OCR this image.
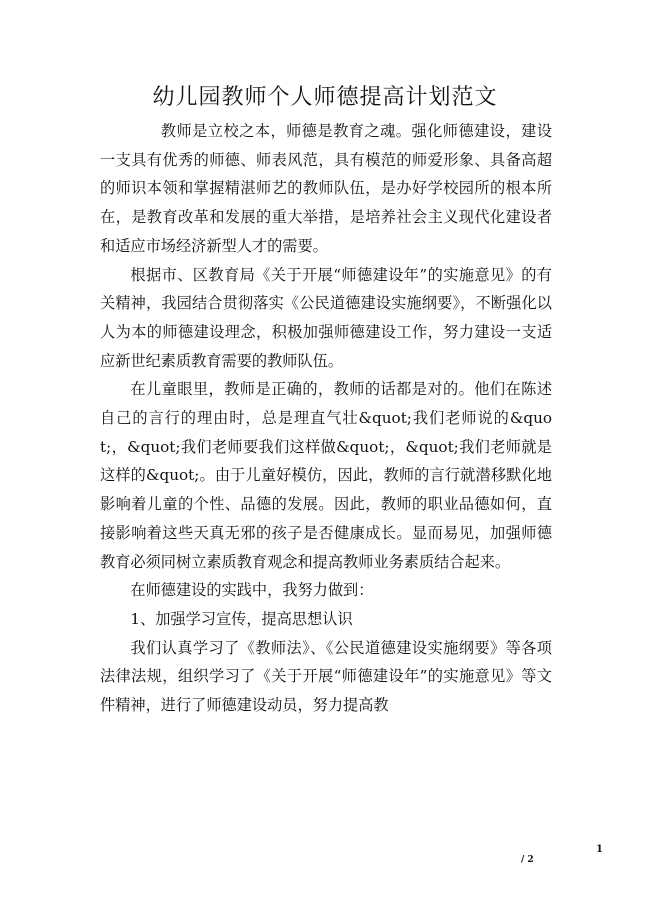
幼儿园教师个人师德提高计划范文

教师是立校之本，师德是教育之魂。强化师德建设，建设一支具有优秀的师德、师表风范，具有模范的师爱形象、具备高超的师识本领和掌握精湛师艺的教师队伍，是办好学校园所的根本所在，是教育改革和发展的重大举措，是培养社会主义现代化建设者和适应市场经济新型人才的需要。

根据市、区教育局《关于开展“师德建设年”的实施意见》的有关精神，我园结合贯彻落实《公民道德建设实施纲要》，不断强化以人为本的师德建设理念，积极加强师德建设工作，努力建设一支适应新世纪素质教育需要的教师队伍。

在儿童眼里，教师是正确的，教师的话都是对的。他们在陈述自己的言行的理由时，总是理直气壮&quot;我们老师说的&quot;，&quot;我们老师要我们这样做&quot;，&quot;我们老师就是这样的&quot;。由于儿童好模仿，因此，教师的言行就潜移默化地影响着儿童的个性、品德的发展。因此，教师的职业品德如何，直接影响着这些天真无邪的孩子是否健康成长。显而易见，加强师德教育必须同树立素质教育观念和提高教师业务素质结合起来。

在师德建设的实践中，我努力做到：

1、加强学习宣传，提高思想认识

我们认真学习了《教师法》、《公民道德建设实施纲要》等各项法律法规，组织学习了《关于开展“师德建设年”的实施意见》等文件精神，进行了师德建设动员，努力提高教

1
/ 2
